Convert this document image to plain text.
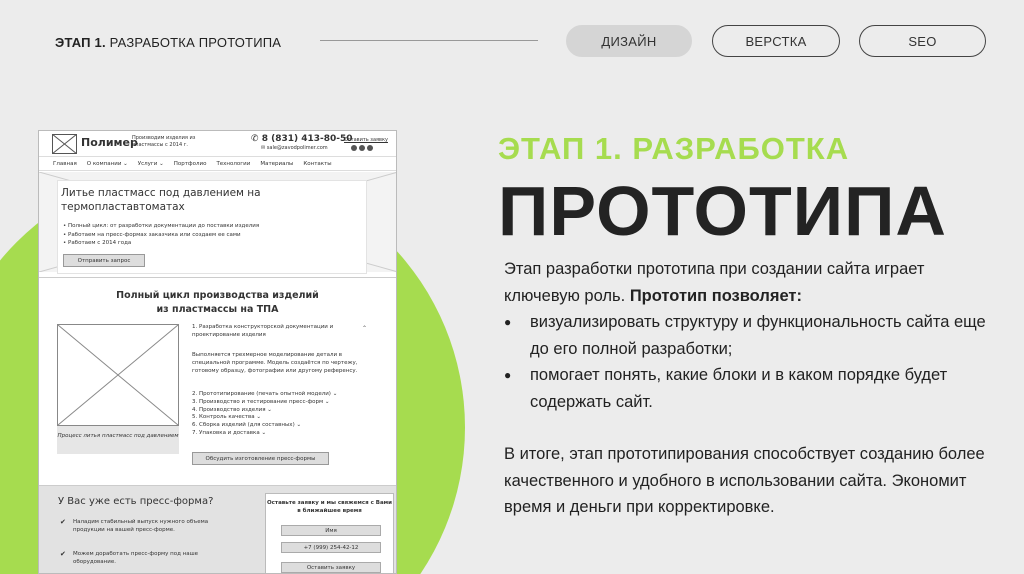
ЭТАП 1. РАЗРАБОТКА ПРОТОТИПА	ДИЗАЙН	ВЕРСТКА	SEO
Полимер
Производим изделия из пластмассы с 2014 г.
✆ 8 (831) 413-80-50
✉ sale@zavodpolimer.com
Оставить заявку
Главная О компании ⌄ Услуги ⌄ Портфолио Технологии Материалы Контакты
Литье пластмасс под давлением на термопластавтоматах
• Полный цикл: от разработки документации до поставки изделия
• Работаем на пресс-формах заказчика или создаем ее сами
• Работаем с 2014 года
Отправить запрос
Полный цикл производства изделий
из пластмассы на ТПА
Процесс литья пластмасс под давлением
1. Разработка конструкторской документации и проектирование изделия
⌃
Выполняется трехмерное моделирование детали в специальной программе. Модель создаётся по чертежу, готовому образцу, фотографии или другому референсу.
2. Прототипирование (печать опытной модели) ⌄
3. Производство и тестирование пресс-форм ⌄
4. Производство изделия ⌄
5. Контроль качества ⌄
6. Сборка изделий (для составных) ⌄
7. Упаковка и доставка ⌄
Обсудить изготовление пресс-формы
У Вас уже есть пресс-форма?
✔ Наладим стабильный выпуск нужного объема продукции на вашей пресс-форме.
✔ Можем доработать пресс-форму под наше оборудование.
Оставьте заявку и мы свяжемся с Вами в ближайшее время
Имя
+7 (999) 254-42-12
Оставить заявку
ЭТАП 1. РАЗРАБОТКА
ПРОТОТИПА

Этап разработки прототипа при создании сайта играет ключевую роль. Прототип позволяет:

● визуализировать структуру и функциональность сайта еще до его полной разработки;
● помогает понять, какие блоки и в каком порядке будет содержать сайт.

В итоге, этап прототипирования способствует созданию более качественного и удобного в использовании сайта. Экономит время и деньги при корректировке.
